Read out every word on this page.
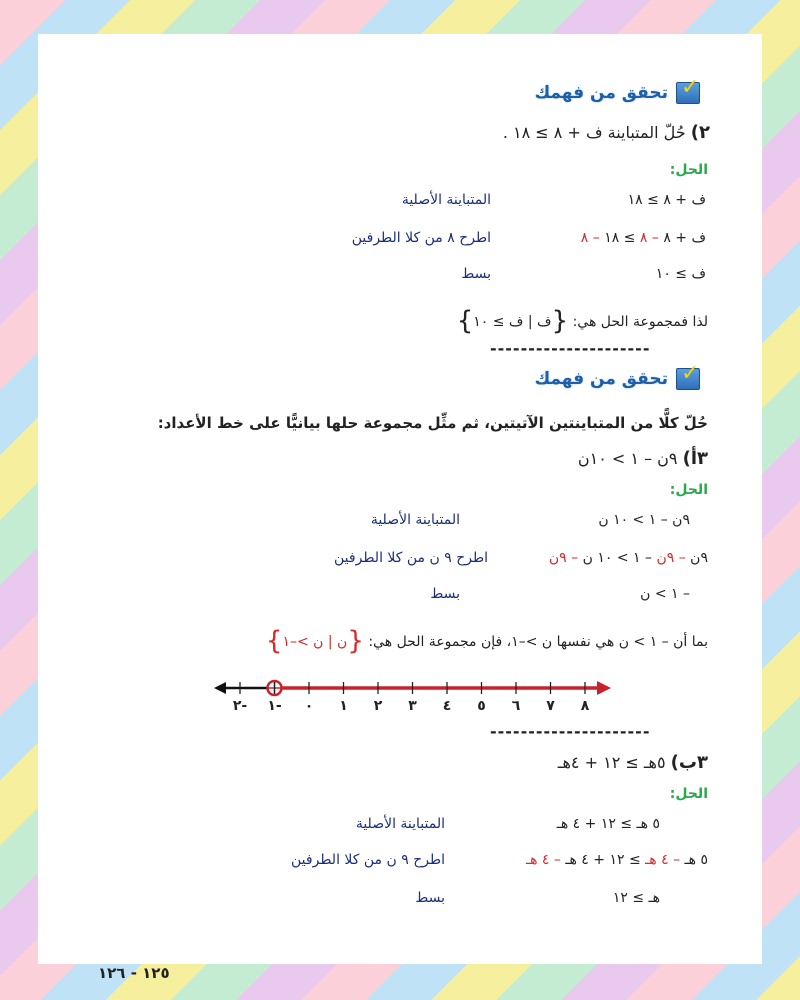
✓
تحقق من فهمك
٢) حُلّ المتباينة ف + ٨ ≥ ١٨ .
الحل:
ف + ٨ ≥ ١٨
المتباينة الأصلية
ف + ٨ – ٨ ≥ ١٨ – ٨
اطرح ٨ من كلا الطرفين
ف ≥ ١٠
بسط
لذا فمجموعة الحل هي: {ف | ف ≥ ١٠}
---------------------
✓
تحقق من فهمك
حُلّ كلًّا من المتباينتين الآتيتين، ثم مثِّل مجموعة حلها بيانيًّا على خط الأعداد:
٣أ) ٩ن – ١ > ١٠ن
الحل:
٩ن – ١ > ١٠ ن
المتباينة الأصلية
٩ن – ٩ن – ١ > ١٠ ن – ٩ن
اطرح ٩ ن من كلا الطرفين
– ١ > ن
بسط
بما أن – ١ > ن هي نفسها ن >–١، فإن مجموعة الحل هي: {ن | ن >–١}
٢- ١- ٠ ١ ٢ ٣ ٤ ٥ ٦ ٧ ٨
---------------------
٣ب) ٥هـ ≥ ١٢ + ٤هـ
الحل:
٥ هـ ≥ ١٢ + ٤ هـ
المتباينة الأصلية
٥ هـ – ٤ هـ ≥ ١٢ + ٤ هـ – ٤ هـ
اطرح ٩ ن من كلا الطرفين
هـ ≥ ١٢
بسط
١٢٥ - ١٢٦
